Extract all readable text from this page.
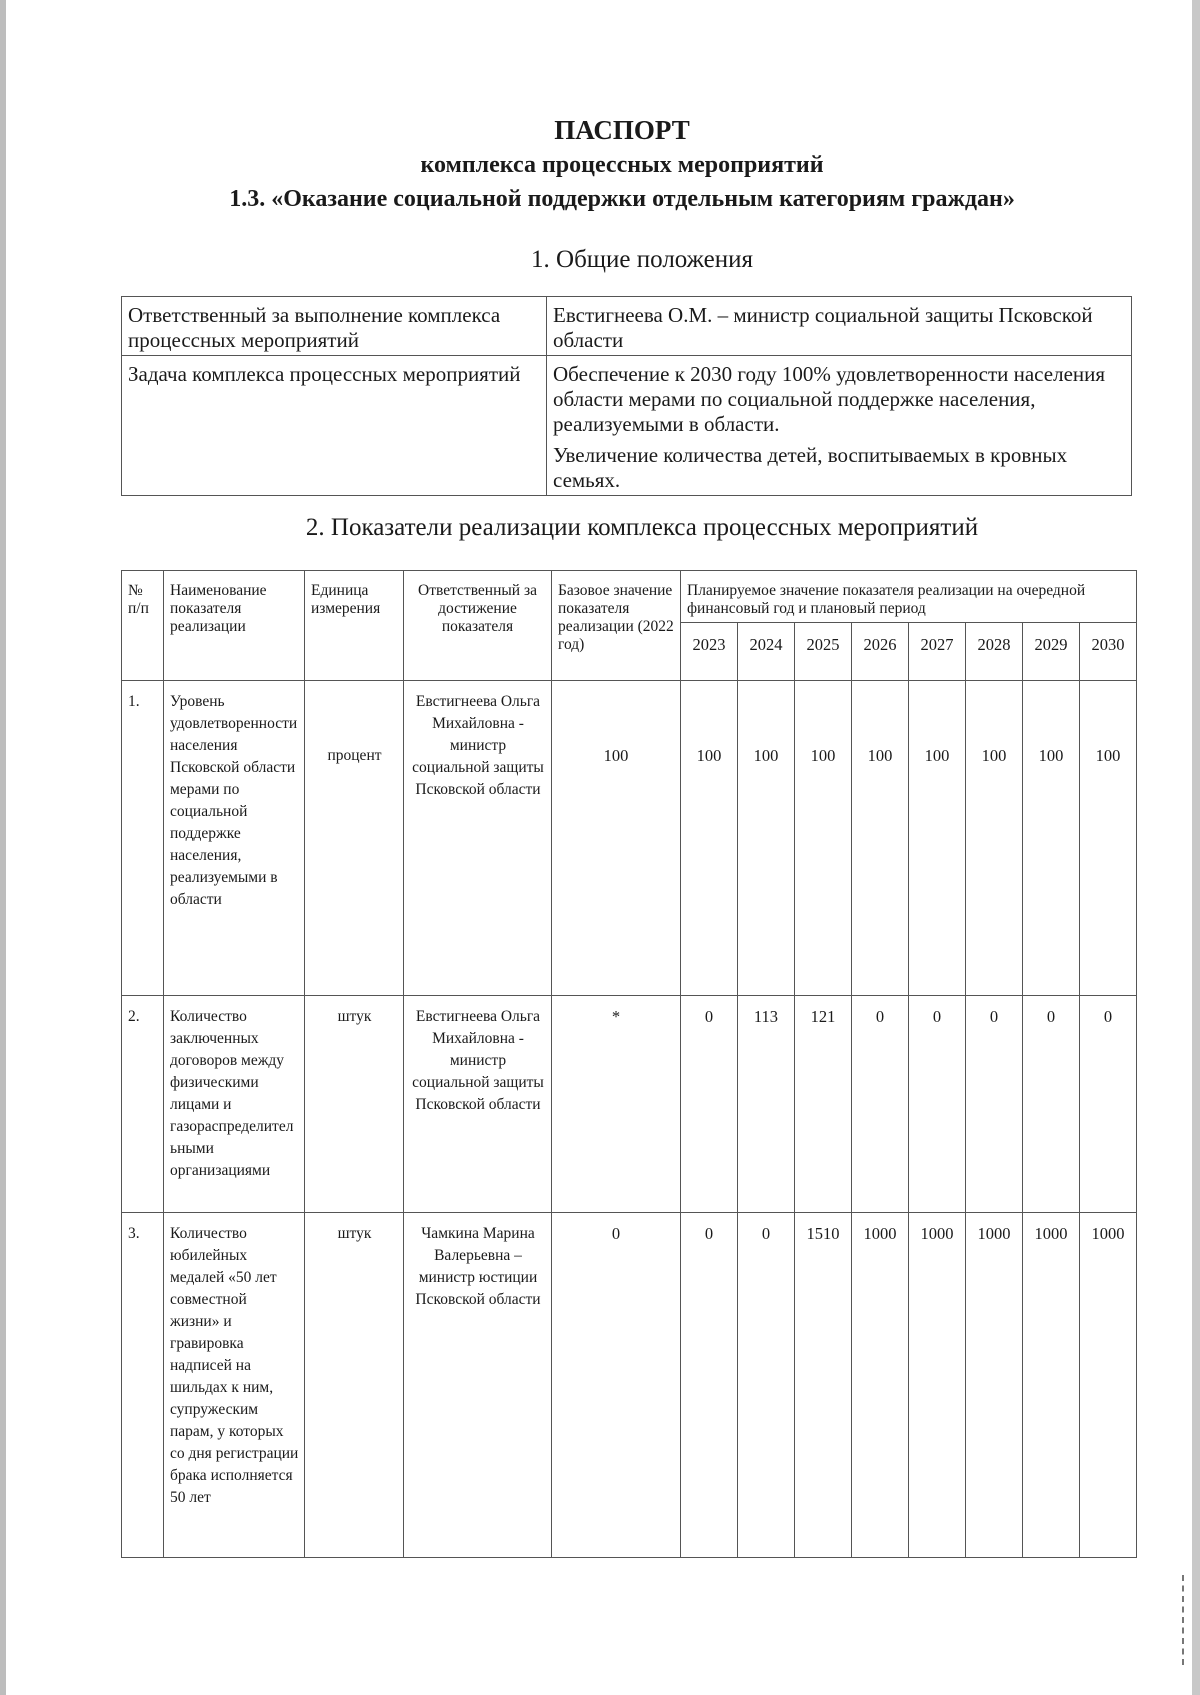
ПАСПОРТ
комплекса процессных мероприятий
1.3. «Оказание социальной поддержки отдельным категориям граждан»
1. Общие положения
Ответственный за выполнение комплекса процессных мероприятий	Евстигнеева О.М. – министр социальной защиты Псковской области

Задача комплекса процессных мероприятий	Обеспечение к 2030 году 100% удовлетворенности населения области мерами по социальной поддержке населения, реализуемыми в области.

Увеличение количества детей, воспитываемых в кровных семьях.

2. Показатели реализации комплекса процессных мероприятий
№ п/п	Наименование показателя реализации	Единица измерения	Ответственный за достижение показателя	Базовое значение показателя реализации (2022 год)	Планируемое значение показателя реализации на очередной финансовый год и плановый период							
					2023	2024	2025	2026	2027	2028	2029	2030
1.	Уровень удовлетворенности населения Псковской области мерами по социальной поддержке населения, реализуемыми в области	процент	Евстигнеева Ольга Михайловна - министр социальной защиты Псковской области	100	100	100	100	100	100	100	100	100
2.	Количество заключенных договоров между физическими лицами и газораспределительными организациями	штук	Евстигнеева Ольга Михайловна - министр социальной защиты Псковской области	*	0	113	121	0	0	0	0	0
3.	Количество юбилейных медалей «50 лет совместной жизни» и гравировка надписей на шильдах к ним, супружеским парам, у которых со дня регистрации брака исполняется 50 лет	штук	Чамкина Марина Валерьевна – министр юстиции Псковской области	0	0	0	1510	1000	1000	1000	1000	1000
